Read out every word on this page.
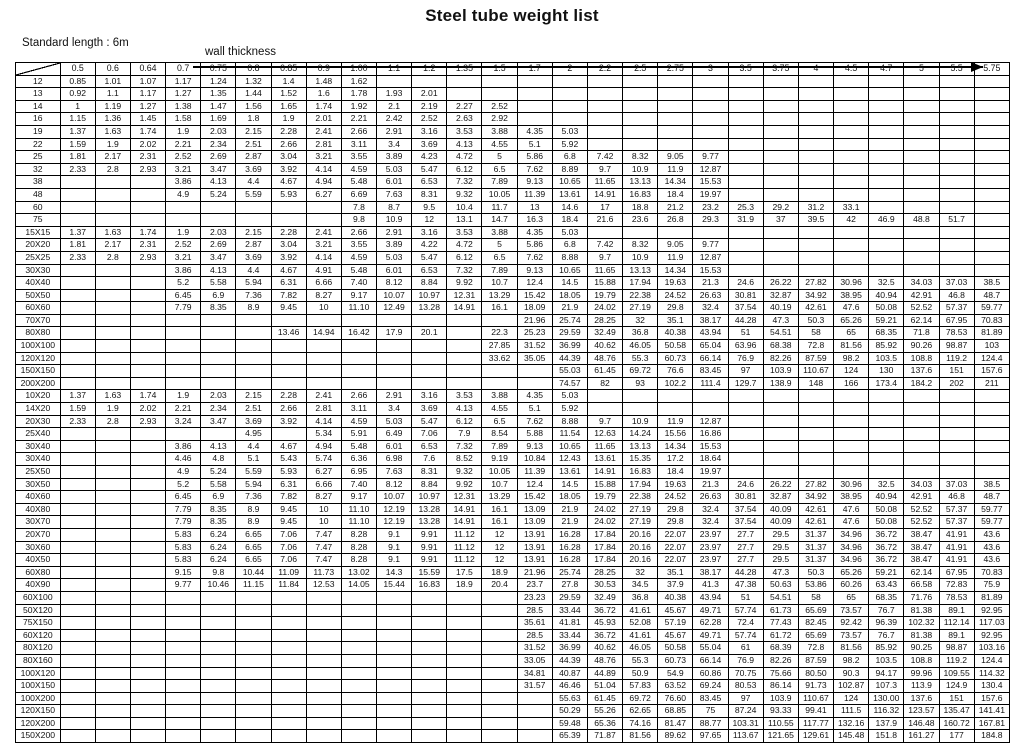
Steel tube weight list
Standard length : 6m
wall thickness
	0.5	0.6	0.64	0.7	0.75	0.8	0.85	0.9	1.00	1.1	1.2	1.35	1.5	1.7	2	2.2	2.5	2.75	3	3.5	3.75	4	4.5	4.7	5	5.5	5.75
12	0.85	1.01	1.07	1.17	1.24	1.32	1.4	1.48	1.62																		
13	0.92	1.1	1.17	1.27	1.35	1.44	1.52	1.6	1.78	1.93	2.01																
14	1	1.19	1.27	1.38	1.47	1.56	1.65	1.74	1.92	2.1	2.19	2.27	2.52														
16	1.15	1.36	1.45	1.58	1.69	1.8	1.9	2.01	2.21	2.42	2.52	2.63	2.92														
19	1.37	1.63	1.74	1.9	2.03	2.15	2.28	2.41	2.66	2.91	3.16	3.53	3.88	4.35	5.03												
22	1.59	1.9	2.02	2.21	2.34	2.51	2.66	2.81	3.11	3.4	3.69	4.13	4.55	5.1	5.92												
25	1.81	2.17	2.31	2.52	2.69	2.87	3.04	3.21	3.55	3.89	4.23	4.72	5	5.86	6.8	7.42	8.32	9.05	9.77								
32	2.33	2.8	2.93	3.21	3.47	3.69	3.92	4.14	4.59	5.03	5.47	6.12	6.5	7.62	8.89	9.7	10.9	11.9	12.87								
38				3.86	4.13	4.4	4.67	4.94	5.48	6.01	6.53	7.32	7.89	9.13	10.65	11.65	13.13	14.34	15.53								
48				4.9	5.24	5.59	5.93	6.27	6.69	7.63	8.31	9.32	10.05	11.39	13.61	14.91	16.83	18.4	19.97								
60									7.8	8.7	9.5	10.4	11.7	13	14.6	17	18.8	21.2	23.2	25.3	29.2	31.2	33.1				
75									9.8	10.9	12	13.1	14.7	16.3	18.4	21.6	23.6	26.8	29.3	31.9	37	39.5	42	46.9	48.8	51.7	
15X15	1.37	1.63	1.74	1.9	2.03	2.15	2.28	2.41	2.66	2.91	3.16	3.53	3.88	4.35	5.03												
20X20	1.81	2.17	2.31	2.52	2.69	2.87	3.04	3.21	3.55	3.89	4.22	4.72	5	5.86	6.8	7.42	8.32	9.05	9.77								
25X25	2.33	2.8	2.93	3.21	3.47	3.69	3.92	4.14	4.59	5.03	5.47	6.12	6.5	7.62	8.88	9.7	10.9	11.9	12.87								
30X30				3.86	4.13	4.4	4.67	4.91	5.48	6.01	6.53	7.32	7.89	9.13	10.65	11.65	13.13	14.34	15.53								
40X40				5.2	5.58	5.94	6.31	6.66	7.40	8.12	8.84	9.92	10.7	12.4	14.5	15.88	17.94	19.63	21.3	24.6	26.22	27.82	30.96	32.5	34.03	37.03	38.5
50X50				6.45	6.9	7.36	7.82	8.27	9.17	10.07	10.97	12.31	13.29	15.42	18.05	19.79	22.38	24.52	26.63	30.81	32.87	34.92	38.95	40.94	42.91	46.8	48.7
60X60				7.79	8.35	8.9	9.45	10	11.10	12.49	13.28	14.91	16.1	18.09	21.9	24.02	27.19	29.8	32.4	37.54	40.19	42.61	47.6	50.08	52.52	57.37	59.77
70X70														21.96	25.74	28.25	32	35.1	38.17	44.28	47.3	50.3	65.26	59.21	62.14	67.95	70.83
80X80							13.46	14.94	16.42	17.9	20.1		22.3	25.23	29.59	32.49	36.8	40.38	43.94	51	54.51	58	65	68.35	71.8	78.53	81.89
100X100													27.85	31.52	36.99	40.62	46.05	50.58	65.04	63.96	68.38	72.8	81.56	85.92	90.26	98.87	103
120X120													33.62	35.05	44.39	48.76	55.3	60.73	66.14	76.9	82.26	87.59	98.2	103.5	108.8	119.2	124.4
150X150															55.03	61.45	69.72	76.6	83.45	97	103.9	110.67	124	130	137.6	151	157.6
200X200															74.57	82	93	102.2	111.4	129.7	138.9	148	166	173.4	184.2	202	211
10X20	1.37	1.63	1.74	1.9	2.03	2.15	2.28	2.41	2.66	2.91	3.16	3.53	3.88	4.35	5.03												
14X20	1.59	1.9	2.02	2.21	2.34	2.51	2.66	2.81	3.11	3.4	3.69	4.13	4.55	5.1	5.92												
20X30	2.33	2.8	2.93	3.24	3.47	3.69	3.92	4.14	4.59	5.03	5.47	6.12	6.5	7.62	8.88	9.7	10.9	11.9	12.87								
25X40						4.95		5.34	5.91	6.49	7.06	7.9	8.54	5.88	11.54	12.63	14.24	15.56	16.86								
30X40				3.86	4.13	4.4	4.67	4.94	5.48	6.01	6.53	7.32	7.89	9.13	10.65	11.65	13.13	14.34	15.53								
30X40				4.46	4.8	5.1	5.43	5.74	6.36	6.98	7.6	8.52	9.19	10.84	12.43	13.61	15.35	17.2	18.64								
25X50				4.9	5.24	5.59	5.93	6.27	6.95	7.63	8.31	9.32	10.05	11.39	13.61	14.91	16.83	18.4	19.97								
30X50				5.2	5.58	5.94	6.31	6.66	7.40	8.12	8.84	9.92	10.7	12.4	14.5	15.88	17.94	19.63	21.3	24.6	26.22	27.82	30.96	32.5	34.03	37.03	38.5
40X60				6.45	6.9	7.36	7.82	8.27	9.17	10.07	10.97	12.31	13.29	15.42	18.05	19.79	22.38	24.52	26.63	30.81	32.87	34.92	38.95	40.94	42.91	46.8	48.7
40X80				7.79	8.35	8.9	9.45	10	11.10	12.19	13.28	14.91	16.1	13.09	21.9	24.02	27.19	29.8	32.4	37.54	40.09	42.61	47.6	50.08	52.52	57.37	59.77
30X70				7.79	8.35	8.9	9.45	10	11.10	12.19	13.28	14.91	16.1	13.09	21.9	24.02	27.19	29.8	32.4	37.54	40.09	42.61	47.6	50.08	52.52	57.37	59.77
20X70				5.83	6.24	6.65	7.06	7.47	8.28	9.1	9.91	11.12	12	13.91	16.28	17.84	20.16	22.07	23.97	27.7	29.5	31.37	34.96	36.72	38.47	41.91	43.6
30X60				5.83	6.24	6.65	7.06	7.47	8.28	9.1	9.91	11.12	12	13.91	16.28	17.84	20.16	22.07	23.97	27.7	29.5	31.37	34.96	36.72	38.47	41.91	43.6
40X50				5.83	6.24	6.65	7.06	7.47	8.28	9.1	9.91	11.12	12	13.91	16.28	17.84	20.16	22.07	23.97	27.7	29.5	31.37	34.96	36.72	38.47	41.91	43.6
60X80				9.15	9.8	10.44	11.09	11.73	13.02	14.3	15.59	17.5	18.9	21.96	25.74	28.25	32	35.1	38.17	44.28	47.3	50.3	65.26	59.21	62.14	67.95	70.83
40X90				9.77	10.46	11.15	11.84	12.53	14.05	15.44	16.83	18.9	20.4	23.7	27.8	30.53	34.5	37.9	41.3	47.38	50.63	53.86	60.26	63.43	66.58	72.83	75.9
60X100														23.23	29.59	32.49	36.8	40.38	43.94	51	54.51	58	65	68.35	71.76	78.53	81.89
50X120														28.5	33.44	36.72	41.61	45.67	49.71	57.74	61.73	65.69	73.57	76.7	81.38	89.1	92.95
75X150														35.61	41.81	45.93	52.08	57.19	62.28	72.4	77.43	82.45	92.42	96.39	102.32	112.14	117.03
60X120														28.5	33.44	36.72	41.61	45.67	49.71	57.74	61.72	65.69	73.57	76.7	81.38	89.1	92.95
80X120														31.52	36.99	40.62	46.05	50.58	55.04	61	68.39	72.8	81.56	85.92	90.25	98.87	103.16
80X160														33.05	44.39	48.76	55.3	60.73	66.14	76.9	82.26	87.59	98.2	103.5	108.8	119.2	124.4
100X120														34.81	40.87	44.89	50.9	54.9	60.86	70.75	75.66	80.50	90.3	94.17	99.96	109.55	114.32
100X150														31.57	46.46	51.04	57.83	63.52	69.24	80.53	86.14	91.73	102.87	107.3	113.9	124.9	130.4
100X200															55.63	61.45	69.72	76.60	83.45	97	103.9	110.67	124	130.00	137.6	151	157.6
120X150															50.29	55.26	62.65	68.85	75	87.24	93.33	99.41	111.5	116.32	123.57	135.47	141.41
120X200															59.48	65.36	74.16	81.47	88.77	103.31	110.55	117.77	132.16	137.9	146.48	160.72	167.81
150X200															65.39	71.87	81.56	89.62	97.65	113.67	121.65	129.61	145.48	151.8	161.27	177	184.8
